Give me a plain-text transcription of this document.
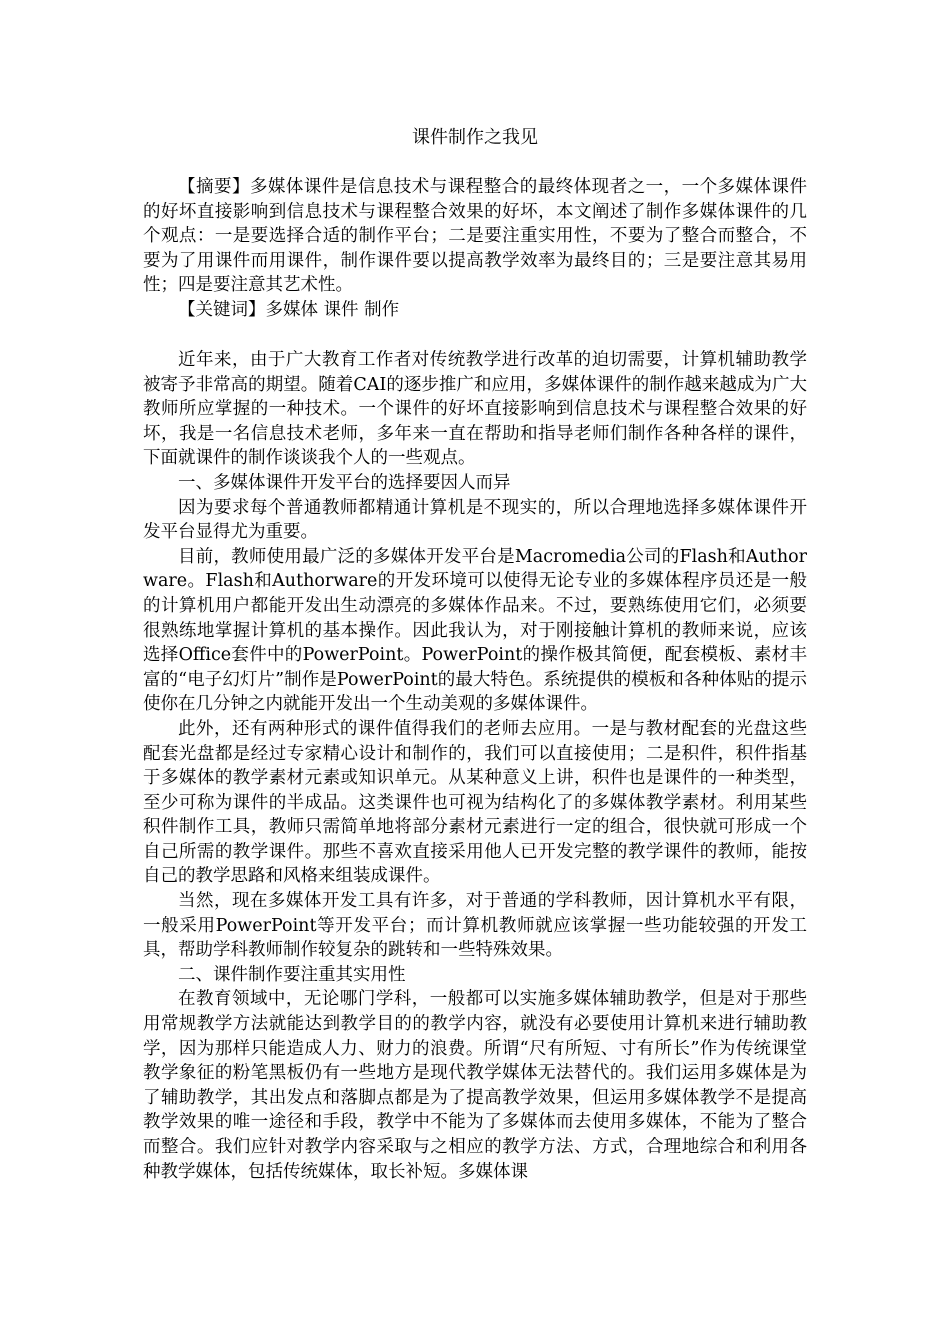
课件制作之我见

【摘要】多媒体课件是信息技术与课程整合的最终体现者之一，一个多媒体课件的好坏直接影响到信息技术与课程整合效果的好坏，本文阐述了制作多媒体课件的几个观点：一是要选择合适的制作平台；二是要注重实用性，不要为了整合而整合，不要为了用课件而用课件，制作课件要以提高教学效率为最终目的；三是要注意其易用性；四是要注意其艺术性。

【关键词】多媒体 课件 制作

近年来，由于广大教育工作者对传统教学进行改革的迫切需要，计算机辅助教学被寄予非常高的期望。随着CAI的逐步推广和应用，多媒体课件的制作越来越成为广大教师所应掌握的一种技术。一个课件的好坏直接影响到信息技术与课程整合效果的好坏，我是一名信息技术老师，多年来一直在帮助和指导老师们制作各种各样的课件，下面就课件的制作谈谈我个人的一些观点。

一、多媒体课件开发平台的选择要因人而异

因为要求每个普通教师都精通计算机是不现实的，所以合理地选择多媒体课件开发平台显得尤为重要。

目前，教师使用最广泛的多媒体开发平台是Macromedia公司的Flash和Authorware。Flash和Authorware的开发环境可以使得无论专业的多媒体程序员还是一般的计算机用户都能开发出生动漂亮的多媒体作品来。不过，要熟练使用它们，必须要很熟练地掌握计算机的基本操作。因此我认为，对于刚接触计算机的教师来说，应该选择Office套件中的PowerPoint。PowerPoint的操作极其简便，配套模板、素材丰富的“电子幻灯片”制作是PowerPoint的最大特色。系统提供的模板和各种体贴的提示使你在几分钟之内就能开发出一个生动美观的多媒体课件。

此外，还有两种形式的课件值得我们的老师去应用。一是与教材配套的光盘这些配套光盘都是经过专家精心设计和制作的，我们可以直接使用；二是积件，积件指基于多媒体的教学素材元素或知识单元。从某种意义上讲，积件也是课件的一种类型，至少可称为课件的半成品。这类课件也可视为结构化了的多媒体教学素材。利用某些积件制作工具，教师只需简单地将部分素材元素进行一定的组合，很快就可形成一个自己所需的教学课件。那些不喜欢直接采用他人已开发完整的教学课件的教师，能按自己的教学思路和风格来组装成课件。

当然，现在多媒体开发工具有许多，对于普通的学科教师，因计算机水平有限，一般采用PowerPoint等开发平台；而计算机教师就应该掌握一些功能较强的开发工具，帮助学科教师制作较复杂的跳转和一些特殊效果。

二、课件制作要注重其实用性

在教育领域中，无论哪门学科，一般都可以实施多媒体辅助教学，但是对于那些用常规教学方法就能达到教学目的的教学内容，就没有必要使用计算机来进行辅助教学，因为那样只能造成人力、财力的浪费。所谓“尺有所短、寸有所长”作为传统课堂教学象征的粉笔黑板仍有一些地方是现代教学媒体无法替代的。我们运用多媒体是为了辅助教学，其出发点和落脚点都是为了提高教学效果，但运用多媒体教学不是提高教学效果的唯一途径和手段，教学中不能为了多媒体而去使用多媒体，不能为了整合而整合。我们应针对教学内容采取与之相应的教学方法、方式，合理地综合和利用各种教学媒体，包括传统媒体，取长补短。多媒体课
